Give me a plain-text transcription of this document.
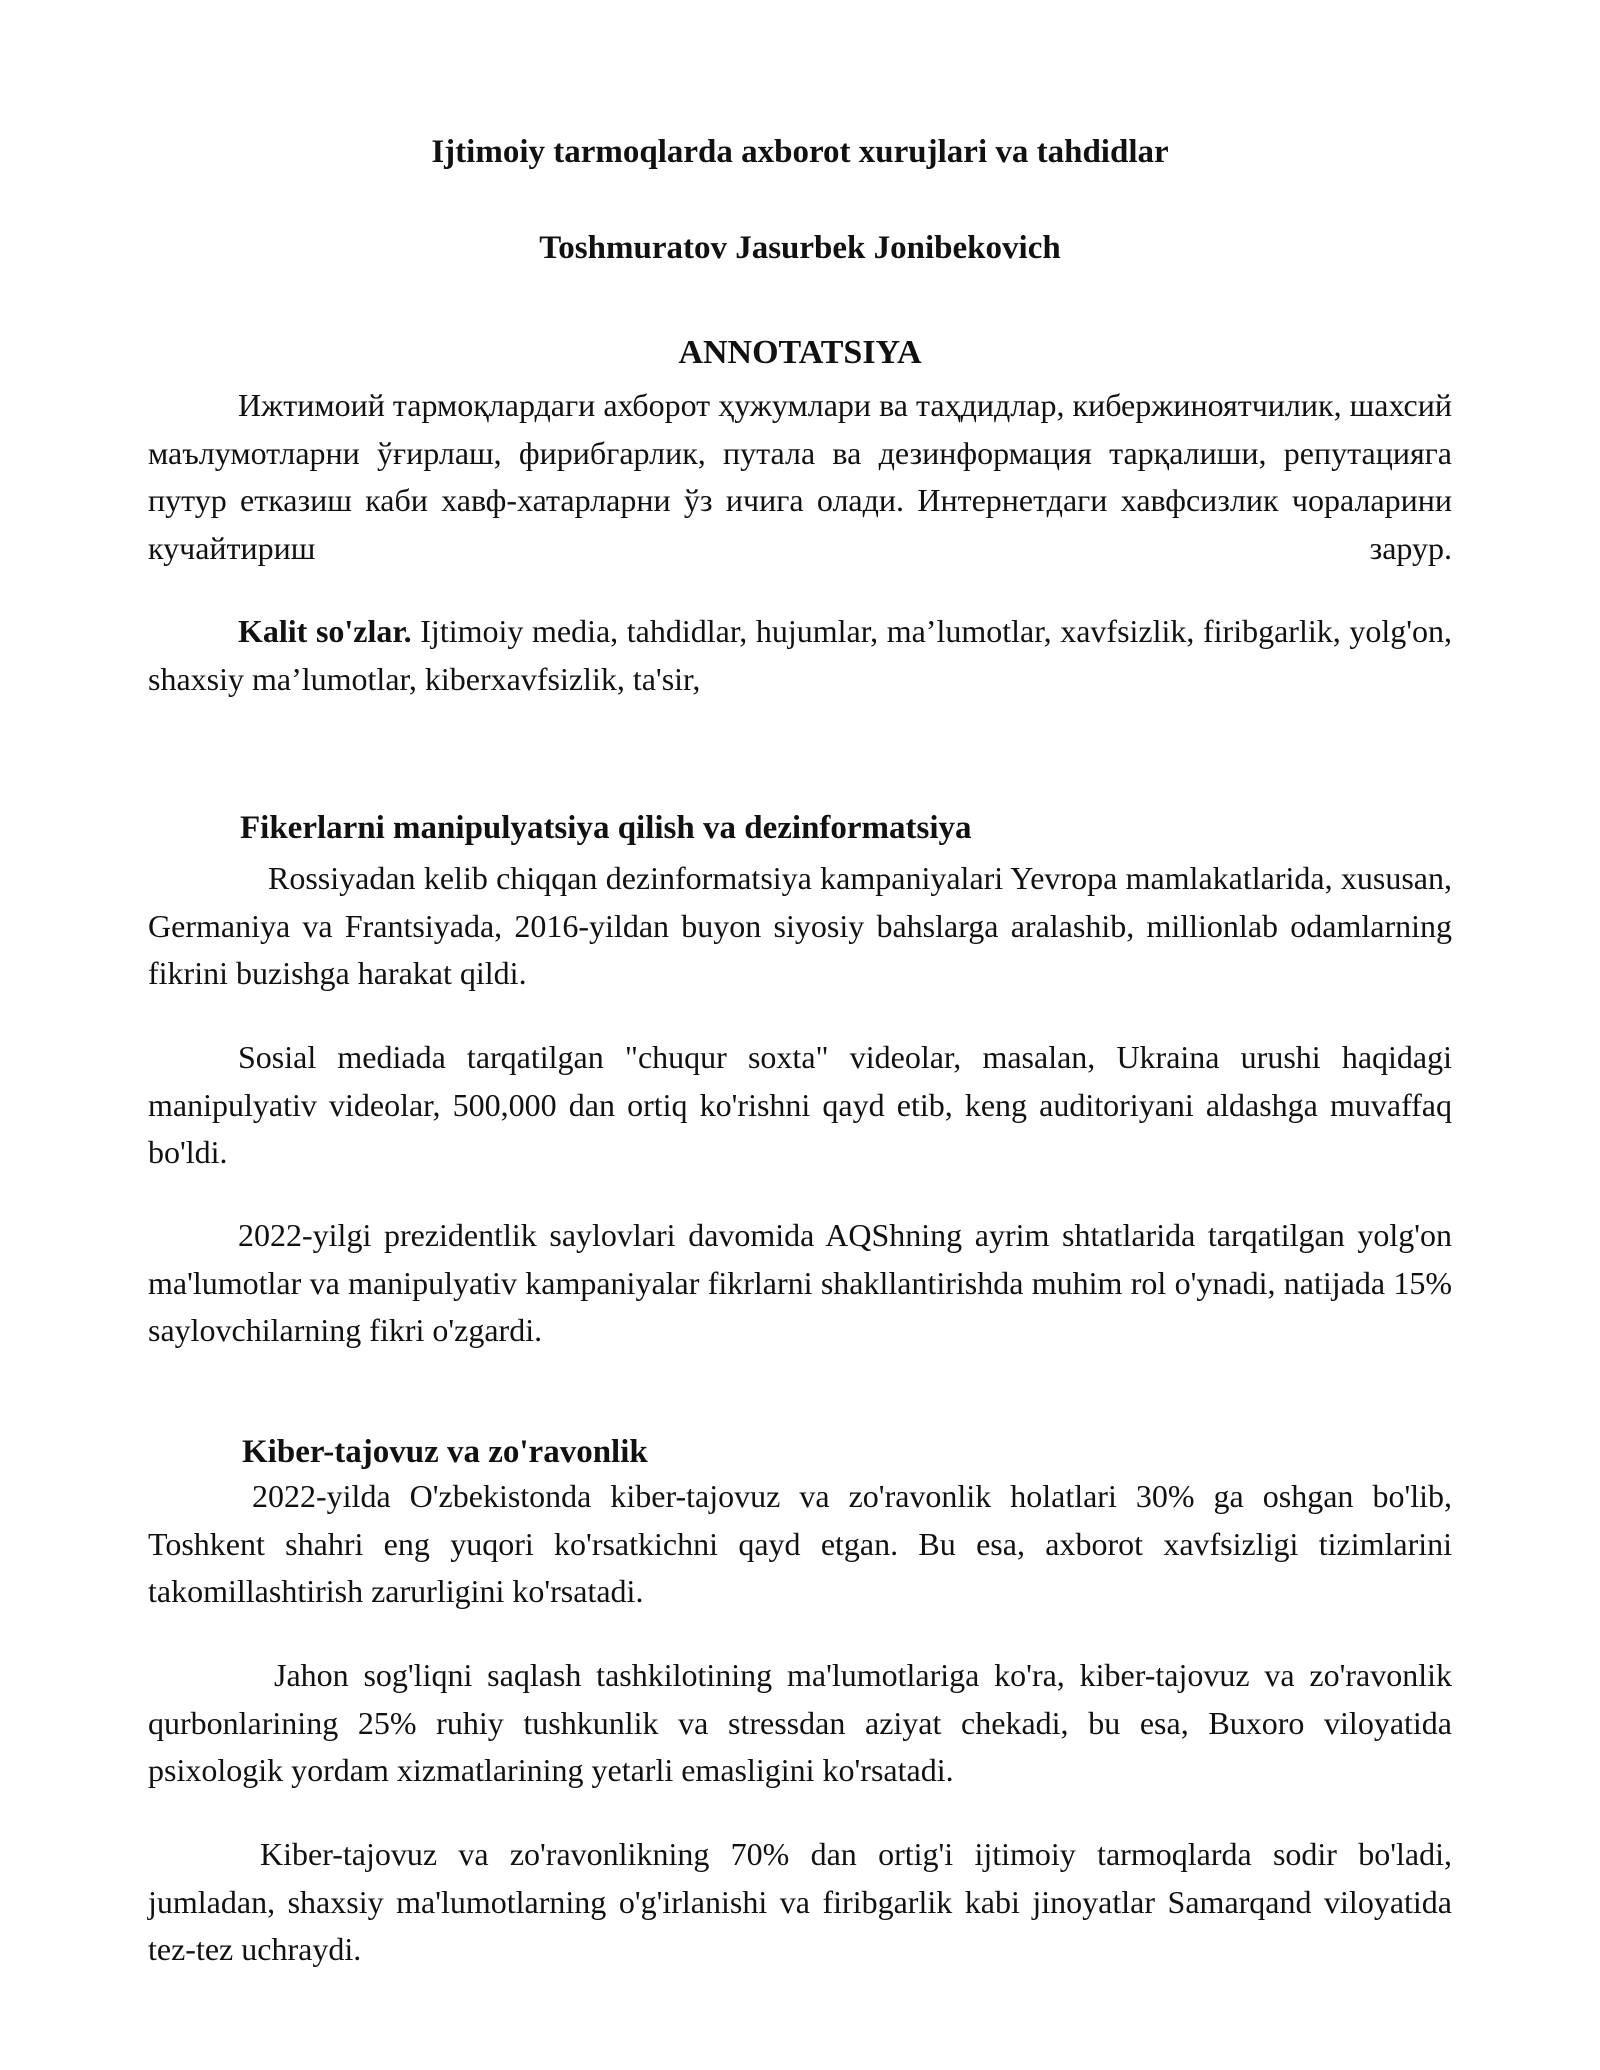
Ijtimoiy tarmoqlarda axborot xurujlari va tahdidlar
Toshmuratov Jasurbek Jonibekovich
ANNOTATSIYA

Ижтимоий тармоқлардаги ахборот ҳужумлари ва таҳдидлар, кибержиноятчилик, шахсий маълумотларни ўғирлаш, фирибгарлик, путала ва дезинформация тарқалиши, репутацияга путур етказиш каби хавф-хатарларни ўз ичига олади. Интернетдаги хавфсизлик чораларини кучайтириш зарур.

Kalit so'zlar. Ijtimoiy media, tahdidlar, hujumlar, ma’lumotlar, xavfsizlik, firibgarlik, yolg'on, shaxsiy ma’lumotlar, kiberxavfsizlik, ta'sir,

Fikerlarni manipulyatsiya qilish va dezinformatsiya

Rossiyadan kelib chiqqan dezinformatsiya kampaniyalari Yevropa mamlakatlarida, xususan, Germaniya va Frantsiyada, 2016-yildan buyon siyosiy bahslarga aralashib, millionlab odamlarning fikrini buzishga harakat qildi.

Sosial mediada tarqatilgan "chuqur soxta" videolar, masalan, Ukraina urushi haqidagi manipulyativ videolar, 500,000 dan ortiq ko'rishni qayd etib, keng auditoriyani aldashga muvaffaq bo'ldi.

2022-yilgi prezidentlik saylovlari davomida AQShning ayrim shtatlarida tarqatilgan yolg'on ma'lumotlar va manipulyativ kampaniyalar fikrlarni shakllantirishda muhim rol o'ynadi, natijada 15% saylovchilarning fikri o'zgardi.

Kiber-tajovuz va zo'ravonlik

2022-yilda O'zbekistonda kiber-tajovuz va zo'ravonlik holatlari 30% ga oshgan bo'lib, Toshkent shahri eng yuqori ko'rsatkichni qayd etgan. Bu esa, axborot xavfsizligi tizimlarini takomillashtirish zarurligini ko'rsatadi.

Jahon sog'liqni saqlash tashkilotining ma'lumotlariga ko'ra, kiber-tajovuz va zo'ravonlik qurbonlarining 25% ruhiy tushkunlik va stressdan aziyat chekadi, bu esa, Buxoro viloyatida psixologik yordam xizmatlarining yetarli emasligini ko'rsatadi.

Kiber-tajovuz va zo'ravonlikning 70% dan ortig'i ijtimoiy tarmoqlarda sodir bo'ladi, jumladan, shaxsiy ma'lumotlarning o'g'irlanishi va firibgarlik kabi jinoyatlar Samarqand viloyatida tez-tez uchraydi.
